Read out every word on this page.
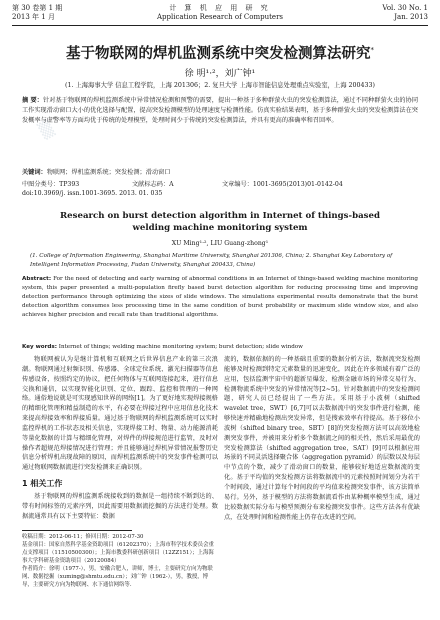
▒
第 30 卷第 1 期
2013 年 1 月
计 算 机 应 用 研 究
Application Research of Computers
Vol. 30 No. 1
Jan. 2013
基于物联网的焊机监测系统中突发检测算法研究*
徐 明¹·²，刘广钟¹
(1. 上海海事大学 信息工程学院，上海 201306；2. 复旦大学 上海市智能信息处理重点实验室，上海 200433)
摘 要：针对基于物联网的焊机监测系统中异常情况检测和预警的需要，提出一种基于多种群萤火虫的突发检测算法，通过不同种群萤火虫的协同工作实现滑动窗口大小的优化选择与配置，提高突发检测模型的处理速度与检测性能。仿真实验结果表明，基于多种群萤火虫的突发检测算法在突发概率与虚警率等方面均优于传统的处理模型，处理时间少于传统的突发检测算法，并具有更高的准确率和召回率。
关键词：物联网；焊机监测系统；突发检测；滑动窗口
中图分类号：TP393	文献标志码：A	文章编号：1001-3695(2013)01-0142-04
doi:10.3969/j. issn.1001-3695. 2013. 01. 035
Research on burst detection algorithm in Internet of things-based
welding machine monitoring system
XU Ming¹·², LIU Guang-zhong¹
(1. College of Information Engineering, Shanghai Maritime University, Shanghai 201306, China; 2. Shanghai Key Laboratory of Intelligent Information Processing, Fudan University, Shanghai 200433, China)
Abstract: For the need of detecting and early warning of abnormal conditions in an Internet of things-based welding machine monitoring system, this paper presented a multi-population firefly based burst detection algorithm for reducing processing time and improving detection performance through optimizing the sizes of slide windows. The simulations experimental results demonstrate that the burst detection algorithm consumes less processing time in the same condition of burst probability or maximum slide window size, and also achieves higher precision and recall rate than traditional algorithms.
Key words: Internet of things; welding machine monitoring system; burst detection; slide window

物联网被认为是继计算机和互联网之后世界信息产业的第三次浪潮。物联网通过射频识别、传感器、全球定位系统、激光扫描器等信息传感设备，按照约定的协议，把任何物体与互联网连接起来，进行信息交换和通信，以实现智能化识别、定位、跟踪、监控和管理的一种网络。通俗地说就是可实现感知世界的网络[1]。为了更好地实现焊接规格的精细化管理和精益制造的水平，有必要在焊接过程中应用信息化技术来提高焊接效率和焊接质量。通过基于物联网的焊机监测系统可以实时监控焊机的工作状态及相关信息，实现焊接工时、物量、动力能源消耗等量化数据的计算与精细化管理，对焊件的焊接规范进行监管，及时对操作者超规范焊接情况进行管理；并且能够通过焊机异常情况报警历史信息分析焊机出现故障的原因，而焊机监测系统中的突发事件检测可以通过物联网数据流进行突发检测来正确识别。

1 相关工作

基于物联网的焊机监测系统接收到的数据是一组持续不断到达的、带有时间标签的元素序列，因此需要用数据流挖掘的方法进行处理。数据流通常具有以下主要特征：数据

流的，数据依据的的一种基础且重要的数据分析方法，数据流突发检测能够及时检测到特定元素数量的迅速变化，因此在许多领域有着广泛的应用，包括监测宇宙中的超新星爆发、检测金融市场的异常交易行为、检测物流系统中突发的异常情况等[2~5]。针对数据流中的突发检测问题，研究人员已经提出了一些方法。采用基于小波树（shifted wavelet tree，SWT）[6,7]可以去数据流中的突发事件进行检测，能够快速并精确地检测出突发异常，但是搜索效率有待提高。基于移位小波树（shifted binary tree，SBT）[8]的突发检测方法可以高效地检测突发事件，并被用来分析多个数据流之间的相关性，然后采用最优的突发检测算法（shifted aggregation tree，SAT）[9]可以根据应用场景的不同灵活选择聚合体（aggregation pyramid）的层数以及每层中节点的个数，减少了滑动窗口的数量，能够较好地适应数据流的变化。基于平均值的突发检测方法将数据流中的元素按照时间划分为若干个时间段，通过计算每个时间段的平均值来检测突发事件，该方法简单易行。另外，基于模型的方法将数据流看作由某种概率模型生成，通过比较数据实际分布与模型预测分布来检测突发事件。这些方法各有优缺点，在处理时间和检测性能上仍存在改进的空间。

收稿日期：2012-06-11；修回日期：2012-07-30
基金项目：国家自然科学基金资助项目（61202370）；上海市科学技术委员会重点支撑项目（11510500300）；上海市教委科研创新项目（12ZZ151）；上海海事大学科研基金资助项目（20120084）
作者简介：徐明（1977-），男，安徽合肥人，讲师，博士，主要研究方向为物联网、数据挖掘（xuming@shmtu.edu.cn）；刘广钟（1962-），男，教授，博导，主要研究方向为物联网、水下通信网络等.
